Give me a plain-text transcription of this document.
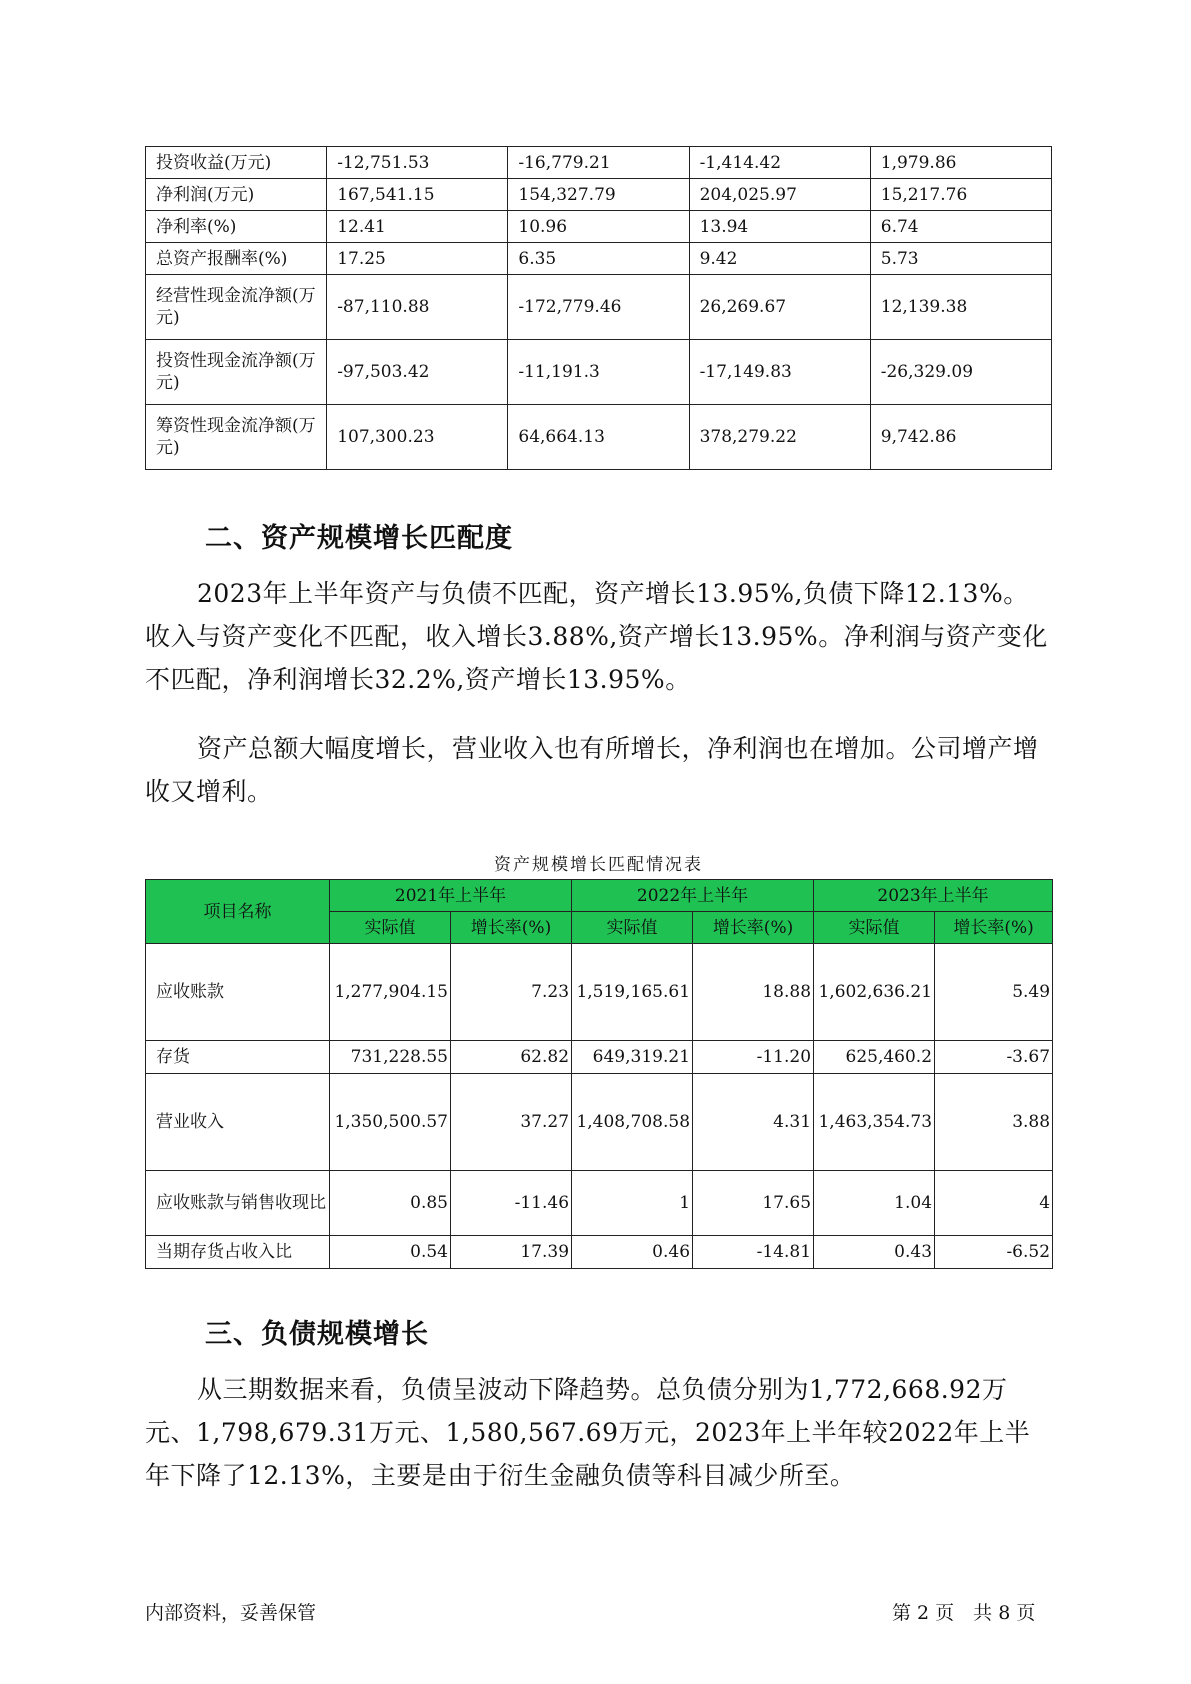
投资收益(万元)	-12,751.53	-16,779.21	-1,414.42	1,979.86
净利润(万元)	167,541.15	154,327.79	204,025.97	15,217.76
净利率(%)	12.41	10.96	13.94	6.74
总资产报酬率(%)	17.25	6.35	9.42	5.73
经营性现金流净额(万元)	-87,110.88	-172,779.46	26,269.67	12,139.38
投资性现金流净额(万元)	-97,503.42	-11,191.3	-17,149.83	-26,329.09
筹资性现金流净额(万元)	107,300.23	64,664.13	378,279.22	9,742.86
二、资产规模增长匹配度

2023年上半年资产与负债不匹配，资产增长13.95%,负债下降12.13%。收入与资产变化不匹配，收入增长3.88%,资产增长13.95%。净利润与资产变化不匹配，净利润增长32.2%,资产增长13.95%。

资产总额大幅度增长，营业收入也有所增长，净利润也在增加。公司增产增收又增利。

资产规模增长匹配情况表
项目名称	2021年上半年		2022年上半年		2023年上半年	
	实际值	增长率(%)	实际值	增长率(%)	实际值	增长率(%)
应收账款	1,277,904.15	7.23	1,519,165.61	18.88	1,602,636.21	5.49
存货	731,228.55	62.82	649,319.21	-11.20	625,460.2	-3.67
营业收入	1,350,500.57	37.27	1,408,708.58	4.31	1,463,354.73	3.88
应收账款与销售收现比	0.85	-11.46	1	17.65	1.04	4
当期存货占收入比	0.54	17.39	0.46	-14.81	0.43	-6.52
三、负债规模增长

从三期数据来看，负债呈波动下降趋势。总负债分别为1,772,668.92万元、1,798,679.31万元、1,580,567.69万元，2023年上半年较2022年上半年下降了12.13%，主要是由于衍生金融负债等科目减少所至。

内部资料，妥善保管	第 2 页　共 8 页
